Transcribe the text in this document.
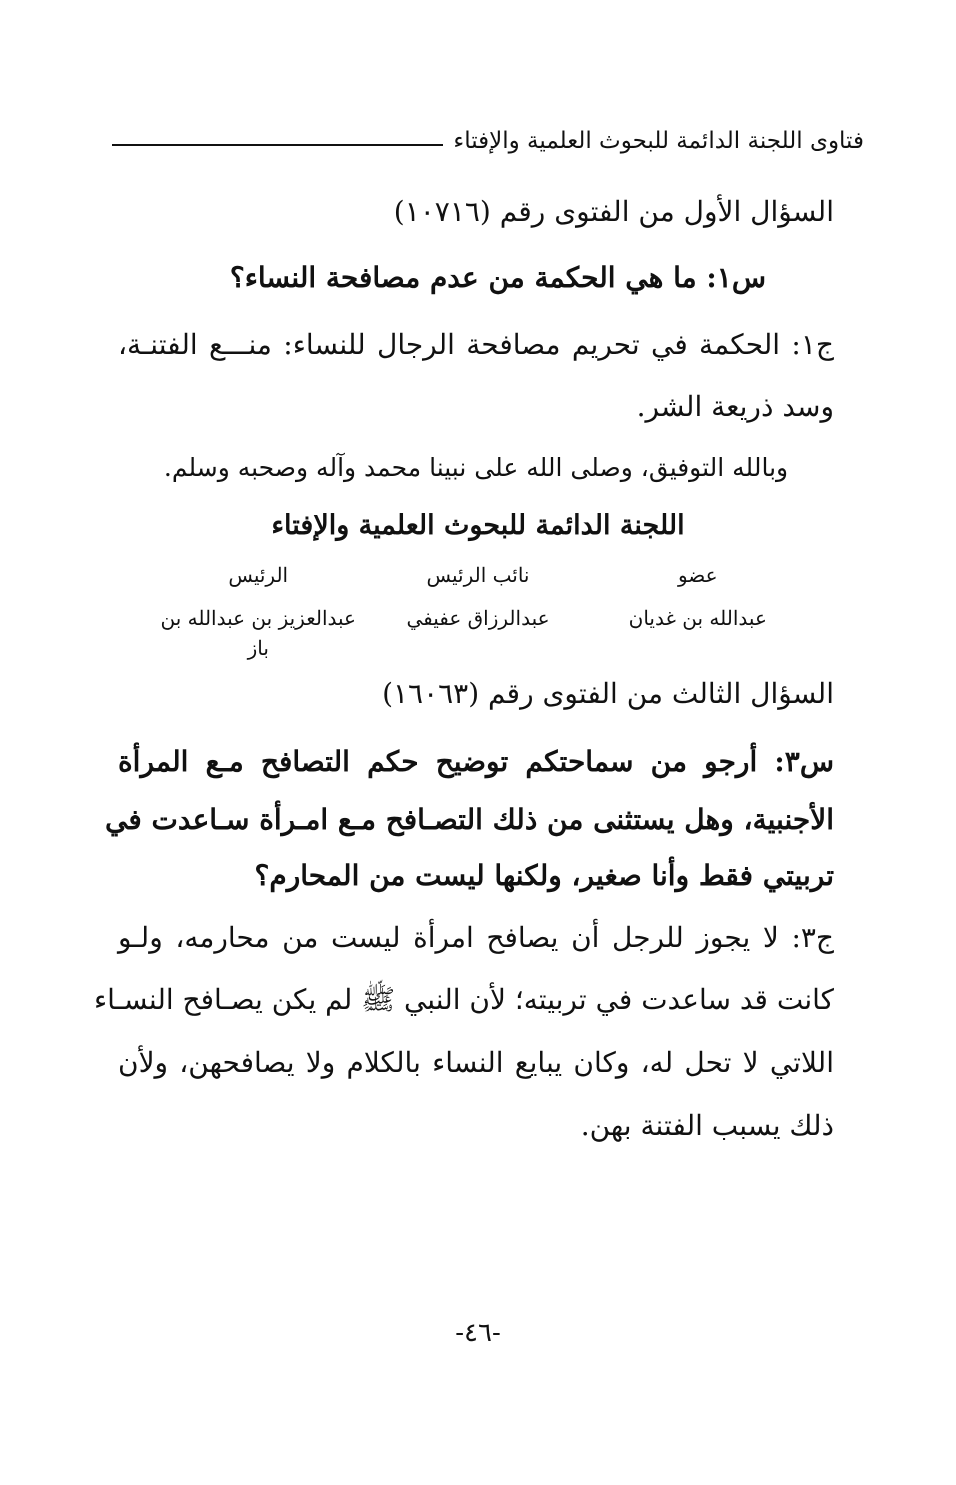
فتاوى اللجنة الدائمة للبحوث العلمية والإفتاء
السؤال الأول من الفتوى رقم (١٠٧١٦)
س١: ما هي الحكمة من عدم مصافحة النساء؟
ج١: الحكمة في تحريم مصافحة الرجال للنساء: منـــع الفتنـة،
وسد ذريعة الشر.
وبالله التوفيق، وصلى الله على نبينا محمد وآله وصحبه وسلم.
اللجنة الدائمة للبحوث العلمية والإفتاء
عضو
نائب الرئيس
الرئيس
عبدالله بن غديان
عبدالرزاق عفيفي
عبدالعزيز بن عبدالله بن باز
السؤال الثالث من الفتوى رقم (١٦٠٦٣)
س٣: أرجو من سماحتكم توضيح حكم التصافح مـع المرأة
الأجنبية، وهل يستثنى من ذلك التصـافح مـع امـرأة سـاعدت في
تربيتي فقط وأنا صغير، ولكنها ليست من المحارم؟
ج٣: لا يجوز للرجل أن يصافح امرأة ليست من محارمه، ولـو
كانت قد ساعدت في تربيته؛ لأن النبي ﷺ لم يكن يصـافح النسـاء
اللاتي لا تحل له، وكان يبايع النساء بالكلام ولا يصافحهن، ولأن
ذلك يسبب الفتنة بهن.
-٤٦-
